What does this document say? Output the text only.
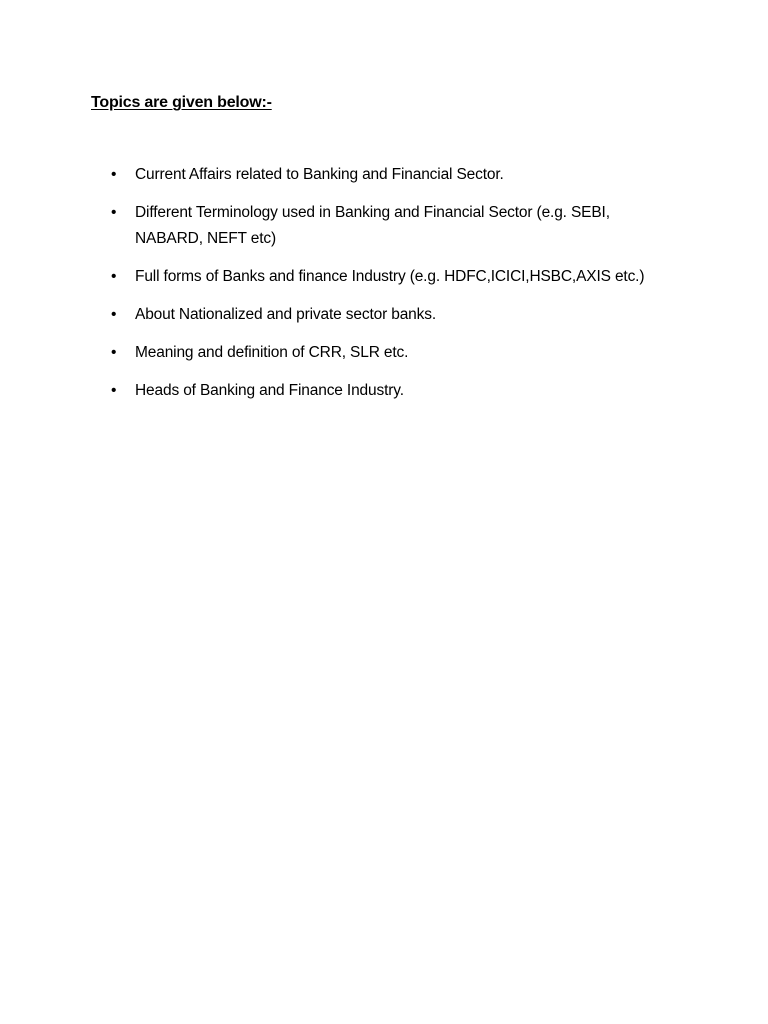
Topics are given below:-
• Current Affairs related to Banking and Financial Sector.
• Different Terminology used in Banking and Financial Sector (e.g. SEBI, NABARD, NEFT etc)
• Full forms of Banks and finance Industry (e.g. HDFC,ICICI,HSBC,AXIS etc.)
• About Nationalized and private sector banks.
• Meaning and definition of CRR, SLR etc.
• Heads of Banking and Finance Industry.
